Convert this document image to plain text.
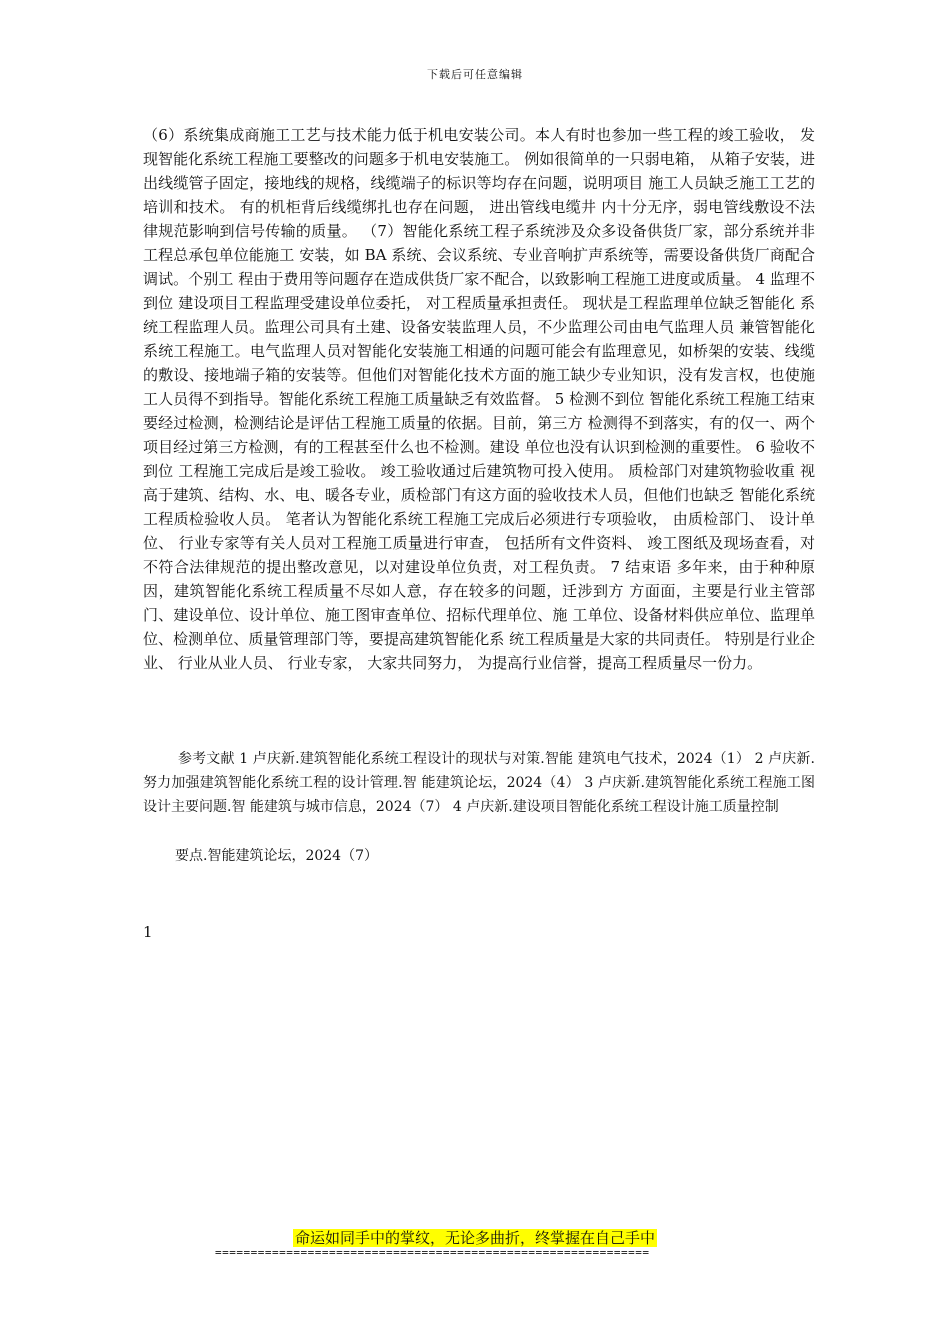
下载后可任意编辑

（6）系统集成商施工工艺与技术能力低于机电安装公司。本人有时也参加一些工程的竣工验收， 发现智能化系统工程施工要整改的问题多于机电安装施工。 例如很简单的一只弱电箱， 从箱子安装，进出线缆管子固定，接地线的规格，线缆端子的标识等均存在问题，说明项目 施工人员缺乏施工工艺的培训和技术。 有的机柜背后线缆绑扎也存在问题， 进出管线电缆井 内十分无序，弱电管线敷设不法律规范影响到信号传输的质量。 （7）智能化系统工程子系统涉及众多设备供货厂家，部分系统并非工程总承包单位能施工 安装，如 BA 系统、会议系统、专业音响扩声系统等，需要设备供货厂商配合调试。个别工 程由于费用等问题存在造成供货厂家不配合，以致影响工程施工进度或质量。 4 监理不到位 建设项目工程监理受建设单位委托， 对工程质量承担责任。 现状是工程监理单位缺乏智能化 系统工程监理人员。监理公司具有土建、设备安装监理人员，不少监理公司由电气监理人员 兼管智能化系统工程施工。电气监理人员对智能化安装施工相通的问题可能会有监理意见，如桥架的安装、线缆的敷设、接地端子箱的安装等。但他们对智能化技术方面的施工缺少专业知识，没有发言权，也使施工人员得不到指导。智能化系统工程施工质量缺乏有效监督。 5 检测不到位 智能化系统工程施工结束要经过检测，检测结论是评估工程施工质量的依据。目前，第三方 检测得不到落实，有的仅一、两个项目经过第三方检测，有的工程甚至什么也不检测。建设 单位也没有认识到检测的重要性。 6 验收不到位 工程施工完成后是竣工验收。 竣工验收通过后建筑物可投入使用。 质检部门对建筑物验收重 视高于建筑、结构、水、电、暖各专业，质检部门有这方面的验收技术人员，但他们也缺乏 智能化系统工程质检验收人员。 笔者认为智能化系统工程施工完成后必须进行专项验收， 由质检部门、 设计单位、 行业专家等有关人员对工程施工质量进行审查， 包括所有文件资料、 竣工图纸及现场查看，对不符合法律规范的提出整改意见，以对建设单位负责，对工程负责。 7 结束语 多年来，由于种种原因，建筑智能化系统工程质量不尽如人意，存在较多的问题，迁涉到方 方面面，主要是行业主管部门、建设单位、设计单位、施工图审查单位、招标代理单位、施 工单位、设备材料供应单位、监理单位、检测单位、质量管理部门等，要提高建筑智能化系 统工程质量是大家的共同责任。 特别是行业企业、 行业从业人员、 行业专家， 大家共同努力， 为提高行业信誉，提高工程质量尽一份力。

参考文献 1 卢庆新.建筑智能化系统工程设计的现状与对策.智能 建筑电气技术，2024（1） 2 卢庆新.努力加强建筑智能化系统工程的设计管理.智 能建筑论坛，2024（4） 3 卢庆新.建筑智能化系统工程施工图设计主要问题.智 能建筑与城市信息，2024（7） 4 卢庆新.建设项目智能化系统工程设计施工质量控制

要点.智能建筑论坛，2024（7）

1
命运如同手中的掌纹，无论多曲折，终掌握在自己手中
=============================================================
